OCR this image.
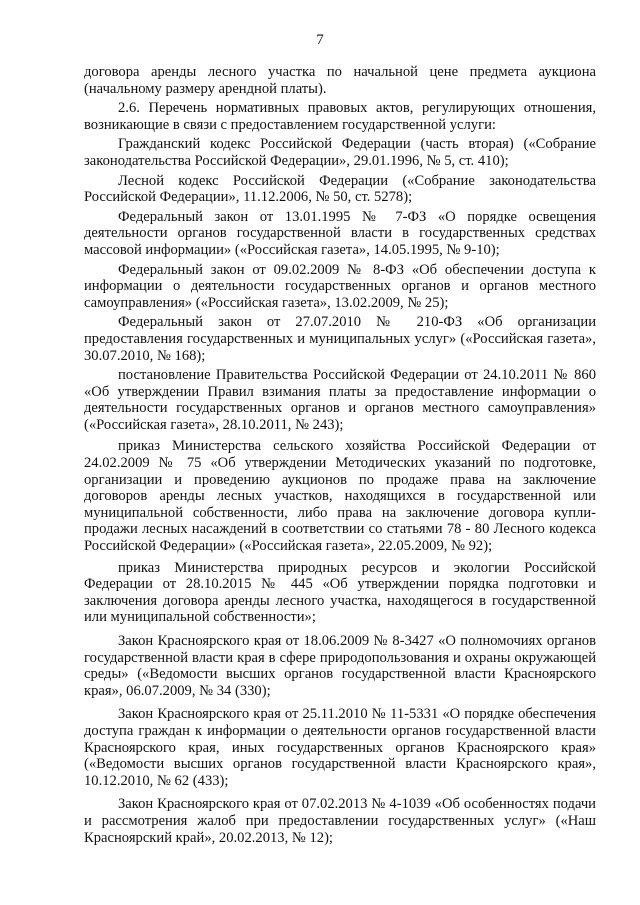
7

договора аренды лесного участка по начальной цене предмета аукциона (начальному размеру арендной платы).

2.6. Перечень нормативных правовых актов, регулирующих отношения, возникающие в связи с предоставлением государственной услуги:

Гражданский кодекс Российской Федерации (часть вторая) («Собрание законодательства Российской Федерации», 29.01.1996, № 5, ст. 410);

Лесной кодекс Российской Федерации («Собрание законодательства Российской Федерации», 11.12.2006, № 50, ст. 5278);

Федеральный закон от 13.01.1995 № 7-ФЗ «О порядке освещения деятельности органов государственной власти в государственных средствах массовой информации» («Российская газета», 14.05.1995, № 9-10);

Федеральный закон от 09.02.2009 № 8-ФЗ «Об обеспечении доступа к информации о деятельности государственных органов и органов местного самоуправления» («Российская газета», 13.02.2009, № 25);

Федеральный закон от 27.07.2010 № 210-ФЗ «Об организации предоставления государственных и муниципальных услуг» («Российская газета», 30.07.2010, № 168);

постановление Правительства Российской Федерации от 24.10.2011 № 860 «Об утверждении Правил взимания платы за предоставление информации о деятельности государственных органов и органов местного самоуправления» («Российская газета», 28.10.2011, № 243);

приказ Министерства сельского хозяйства Российской Федерации от 24.02.2009 № 75 «Об утверждении Методических указаний по подготовке, организации и проведению аукционов по продаже права на заключение договоров аренды лесных участков, находящихся в государственной или муниципальной собственности, либо права на заключение договора купли-продажи лесных насаждений в соответствии со статьями 78 - 80 Лесного кодекса Российской Федерации» («Российская газета», 22.05.2009, № 92);

приказ Министерства природных ресурсов и экологии Российской Федерации от 28.10.2015 № 445 «Об утверждении порядка подготовки и заключения договора аренды лесного участка, находящегося в государственной или муниципальной собственности»;

Закон Красноярского края от 18.06.2009 № 8-3427 «О полномочиях органов государственной власти края в сфере природопользования и охраны окружающей среды» («Ведомости высших органов государственной власти Красноярского края», 06.07.2009, № 34 (330);

Закон Красноярского края от 25.11.2010 № 11-5331 «О порядке обеспечения доступа граждан к информации о деятельности органов государственной власти Красноярского края, иных государственных органов Красноярского края» («Ведомости высших органов государственной власти Красноярского края», 10.12.2010, № 62 (433);

Закон Красноярского края от 07.02.2013 № 4-1039 «Об особенностях подачи и рассмотрения жалоб при предоставлении государственных услуг» («Наш Красноярский край», 20.02.2013, № 12);
